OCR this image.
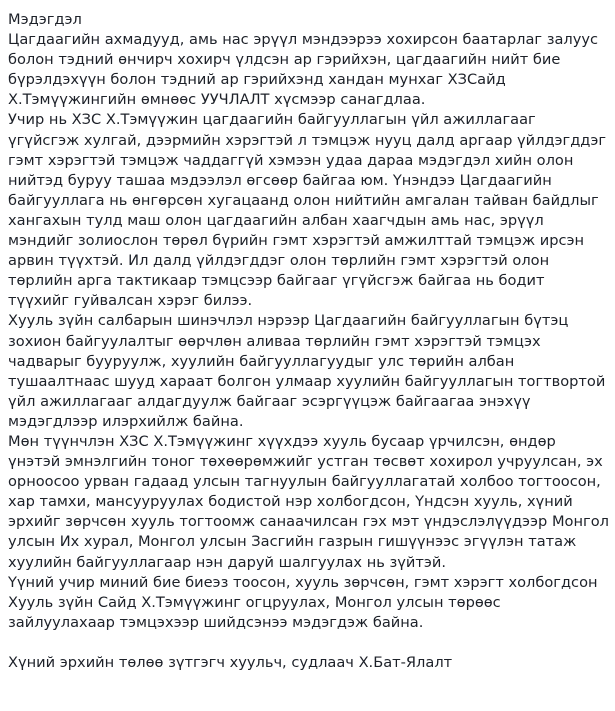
Мэдэгдэл

Цагдаагийн ахмадууд, амь нас эрүүл мэндээрээ хохирсон баатарлаг залуус болон тэдний өнчирч хохирч үлдсэн ар гэрийхэн, цагдаагийн нийт бие бүрэлдэхүүн болон тэдний ар гэрийхэнд хандан мунхаг ХЗСайд Х.Тэмүүжингийн өмнөөс УУЧЛАЛТ хүсмээр санагдлаа.

Учир нь ХЗС Х.Тэмүүжин цагдаагийн байгууллагын үйл ажиллагааг үгүйсгэж хулгай, дээрмийн хэрэгтэй л тэмцэж нууц далд аргаар үйлдэгддэг гэмт хэрэгтэй тэмцэж чаддаггүй хэмээн удаа дараа мэдэгдэл хийн олон нийтэд буруу ташаа мэдээлэл өгсөөр байгаа юм. Үнэндээ Цагдаагийн байгууллага нь өнгөрсөн хугацаанд олон нийтийн амгалан тайван байдлыг хангахын тулд маш олон цагдаагийн албан хаагчдын амь нас, эрүүл мэндийг золиослон төрөл бүрийн гэмт хэрэгтэй амжилттай тэмцэж ирсэн арвин түүхтэй. Ил далд үйлдэгддэг олон төрлийн гэмт хэрэгтэй олон төрлийн арга тактикаар тэмцсээр байгааг үгүйсгэж байгаа нь бодит түүхийг гуйвалсан хэрэг билээ.

Хууль зүйн салбарын шинэчлэл нэрээр Цагдаагийн байгууллагын бүтэц зохион байгуулалтыг өөрчлөн аливаа төрлийн гэмт хэрэгтэй тэмцэх чадварыг бууруулж, хуулийн байгууллагуудыг улс төрийн албан тушаалтнаас шууд хараат болгон улмаар хуулийн байгууллагын тогтвортой үйл ажиллагааг алдагдуулж байгааг эсэргүүцэж байгаагаа энэхүү мэдэгдлээр илэрхийлж байна.

Мөн түүнчлэн ХЗС Х.Тэмүүжинг хүүхдээ хууль бусаар үрчилсэн, өндөр үнэтэй эмнэлгийн тоног төхөөрөмжийг устган төсвөт хохирол учруулсан, эх орноосоо урван гадаад улсын тагнуулын байгууллагатай холбоо тогтоосон, хар тамхи, мансууруулах бодистой нэр холбогдсон, Үндсэн хууль, хүний эрхийг зөрчсөн хууль тогтоомж санаачилсан гэх мэт үндэслэлүүдээр Монгол улсын Их хурал, Монгол улсын Засгийн газрын гишүүнээс эгүүлэн татаж хуулийн байгууллагаар нэн даруй шалгуулах нь зүйтэй.

Үүний учир миний бие биеэз тоосон, хууль зөрчсөн, гэмт хэрэгт холбогдсон Хууль зүйн Сайд Х.Тэмүүжинг огцруулах, Монгол улсын төрөөс зайлуулахаар тэмцэхээр шийдсэнээ мэдэгдэж байна.

Хүний эрхийн төлөө зүтгэгч хуульч, судлаач Х.Бат-Ялалт
